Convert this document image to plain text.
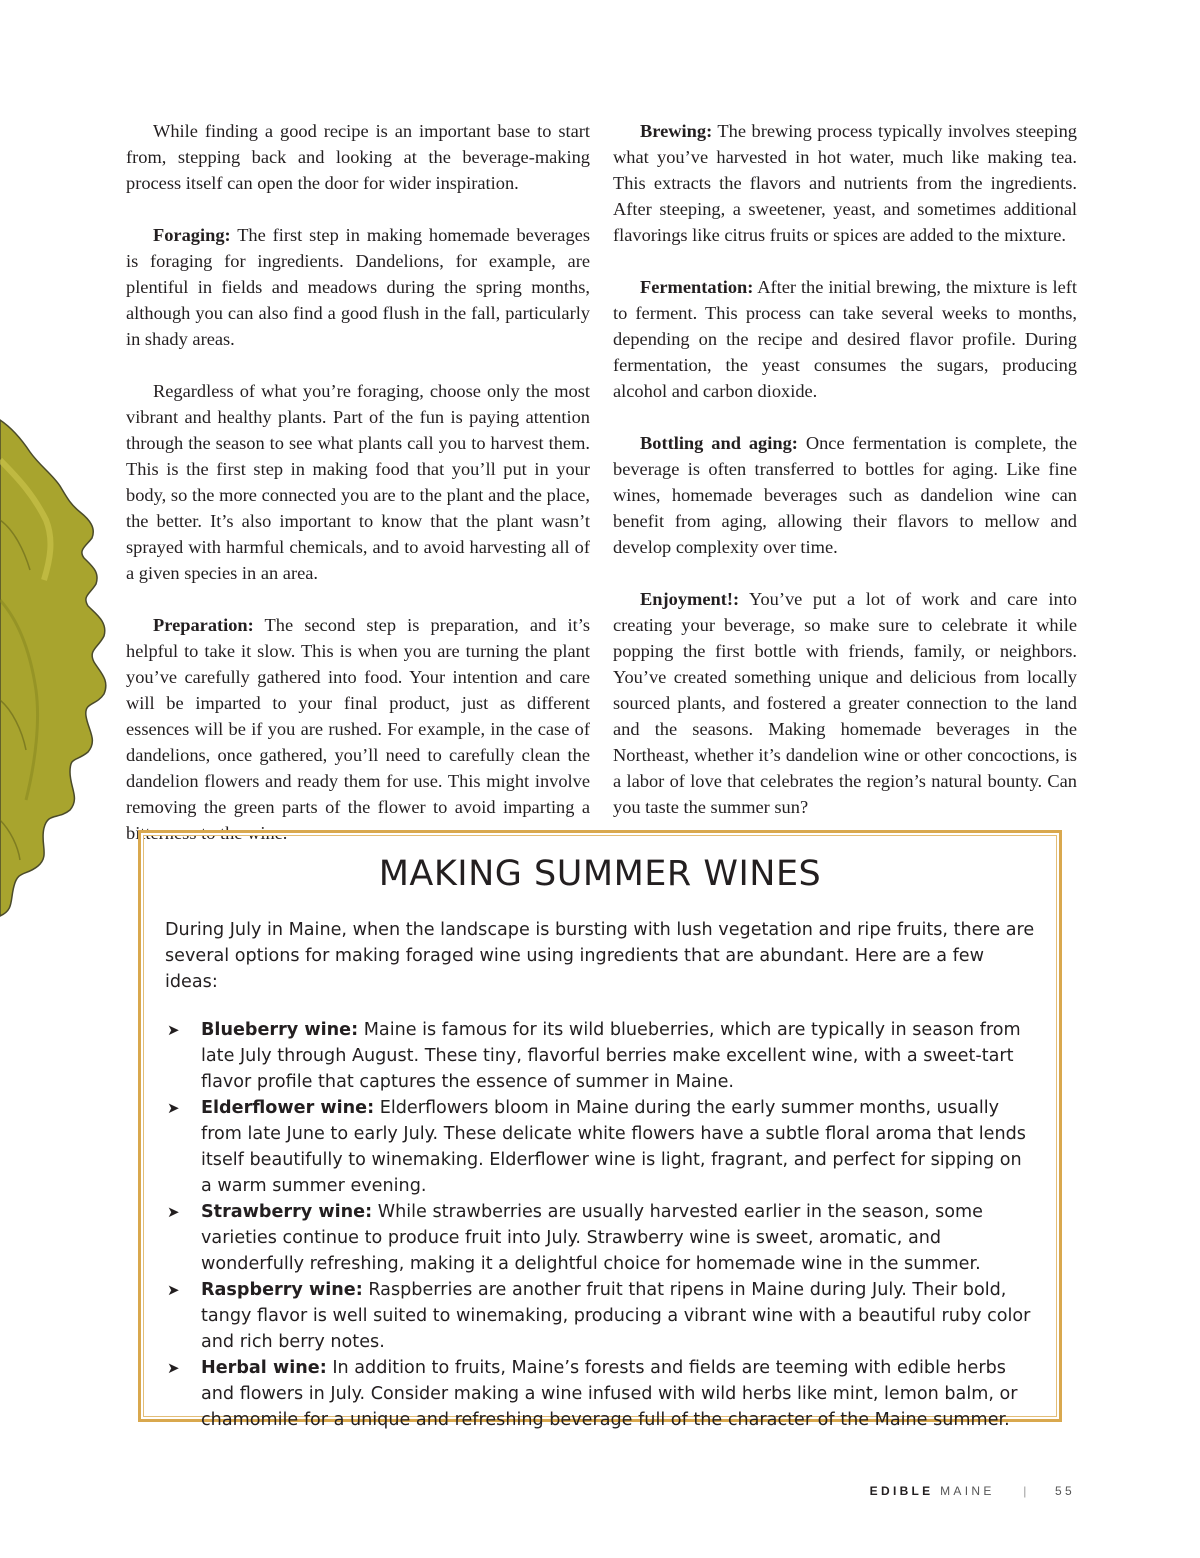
While finding a good recipe is an important base to start from, stepping back and looking at the beverage-making process itself can open the door for wider inspiration.

Foraging: The first step in making homemade beverages is foraging for ingredients. Dandelions, for example, are plentiful in fields and meadows during the spring months, although you can also find a good flush in the fall, particularly in shady areas.

Regardless of what you’re foraging, choose only the most vibrant and healthy plants. Part of the fun is paying attention through the season to see what plants call you to harvest them. This is the first step in making food that you’ll put in your body, so the more connected you are to the plant and the place, the better. It’s also important to know that the plant wasn’t sprayed with harmful chemicals, and to avoid harvesting all of a given species in an area.

Preparation: The second step is preparation, and it’s helpful to take it slow. This is when you are turning the plant you’ve carefully gathered into food. Your intention and care will be imparted to your final product, just as different essences will be if you are rushed. For example, in the case of dandelions, once gathered, you’ll need to carefully clean the dandelion flowers and ready them for use. This might involve removing the green parts of the flower to avoid imparting a bitterness to the wine.

Brewing: The brewing process typically involves steeping what you’ve harvested in hot water, much like making tea. This extracts the flavors and nutrients from the ingredients. After steeping, a sweetener, yeast, and sometimes additional flavorings like citrus fruits or spices are added to the mixture.

Fermentation: After the initial brewing, the mixture is left to ferment. This process can take several weeks to months, depending on the recipe and desired flavor profile. During fermentation, the yeast consumes the sugars, producing alcohol and carbon dioxide.

Bottling and aging: Once fermentation is complete, the beverage is often transferred to bottles for aging. Like fine wines, homemade beverages such as dandelion wine can benefit from aging, allowing their flavors to mellow and develop complexity over time.

Enjoyment!: You’ve put a lot of work and care into creating your beverage, so make sure to celebrate it while popping the first bottle with friends, family, or neighbors. You’ve created something unique and delicious from locally sourced plants, and fostered a greater connection to the land and the seasons. Making homemade beverages in the Northeast, whether it’s dandelion wine or other concoctions, is a labor of love that celebrates the region’s natural bounty. Can you taste the summer sun?

MAKING SUMMER WINES

During July in Maine, when the landscape is bursting with lush vegetation and ripe fruits, there are several options for making foraged wine using ingredients that are abundant. Here are a few ideas:

➤	Blueberry wine: Maine is famous for its wild blueberries, which are typically in season from late July through August. These tiny, flavorful berries make excellent wine, with a sweet-tart flavor profile that captures the essence of summer in Maine.
➤	Elderflower wine: Elderflowers bloom in Maine during the early summer months, usually from late June to early July. These delicate white flowers have a subtle floral aroma that lends itself beautifully to winemaking. Elderflower wine is light, fragrant, and perfect for sipping on a warm summer evening.
➤	Strawberry wine: While strawberries are usually harvested earlier in the season, some varieties continue to produce fruit into July. Strawberry wine is sweet, aromatic, and wonderfully refreshing, making it a delightful choice for homemade wine in the summer.
➤	Raspberry wine: Raspberries are another fruit that ripens in Maine during July. Their bold, tangy flavor is well suited to winemaking, producing a vibrant wine with a beautiful ruby color and rich berry notes.
➤	Herbal wine: In addition to fruits, Maine’s forests and fields are teeming with edible herbs and flowers in July. Consider making a wine infused with wild herbs like mint, lemon balm, or chamomile for a unique and refreshing beverage full of the character of the Maine summer.
EDIBLE MAINE | 55
